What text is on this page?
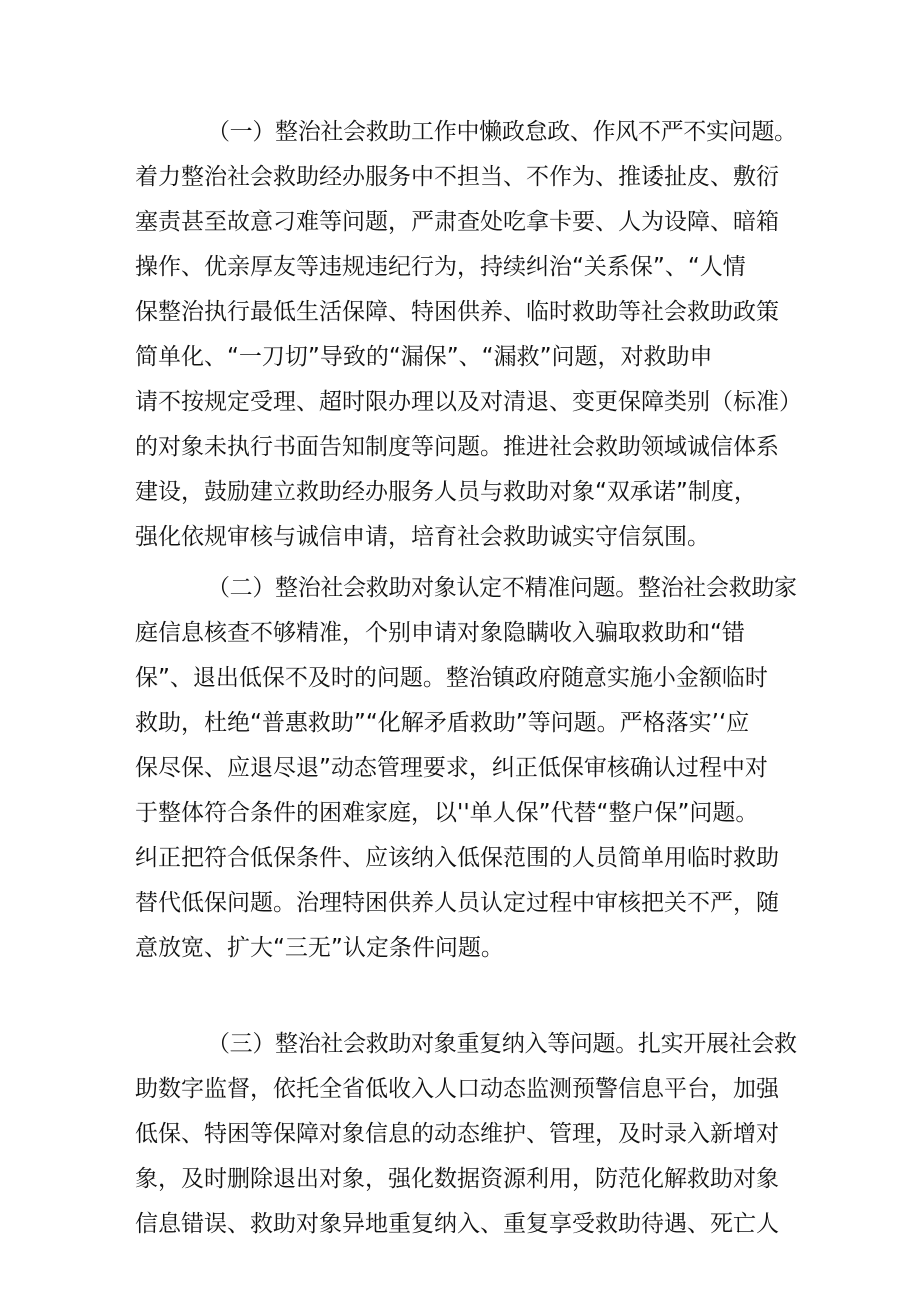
（一）整治社会救助工作中懒政怠政、作风不严不实问题。
着力整治社会救助经办服务中不担当、不作为、推诿扯皮、敷衍
塞责甚至故意刁难等问题，严肃查处吃拿卡要、人为设障、暗箱
操作、优亲厚友等违规违纪行为，持续纠治“关系保”、“人情
保整治执行最低生活保障、特困供养、临时救助等社会救助政策
简单化、“一刀切”导致的“漏保”、“漏救”问题，对救助申
请不按规定受理、超时限办理以及对清退、变更保障类别（标准）
的对象未执行书面告知制度等问题。推进社会救助领域诚信体系
建设，鼓励建立救助经办服务人员与救助对象“双承诺”制度，
强化依规审核与诚信申请，培育社会救助诚实守信氛围。
（二）整治社会救助对象认定不精准问题。整治社会救助家
庭信息核查不够精准，个别申请对象隐瞒收入骗取救助和“错
保”、退出低保不及时的问题。整治镇政府随意实施小金额临时
救助，杜绝“普惠救助”“化解矛盾救助”等问题。严格落实’‘应
保尽保、应退尽退”动态管理要求，纠正低保审核确认过程中对
于整体符合条件的困难家庭，以''单人保”代替“整户保”问题。
纠正把符合低保条件、应该纳入低保范围的人员简单用临时救助
替代低保问题。治理特困供养人员认定过程中审核把关不严，随
意放宽、扩大“三无”认定条件问题。
（三）整治社会救助对象重复纳入等问题。扎实开展社会救
助数字监督，依托全省低收入人口动态监测预警信息平台，加强
低保、特困等保障对象信息的动态维护、管理，及时录入新增对
象，及时删除退出对象，强化数据资源利用，防范化解救助对象
信息错误、救助对象异地重复纳入、重复享受救助待遇、死亡人
